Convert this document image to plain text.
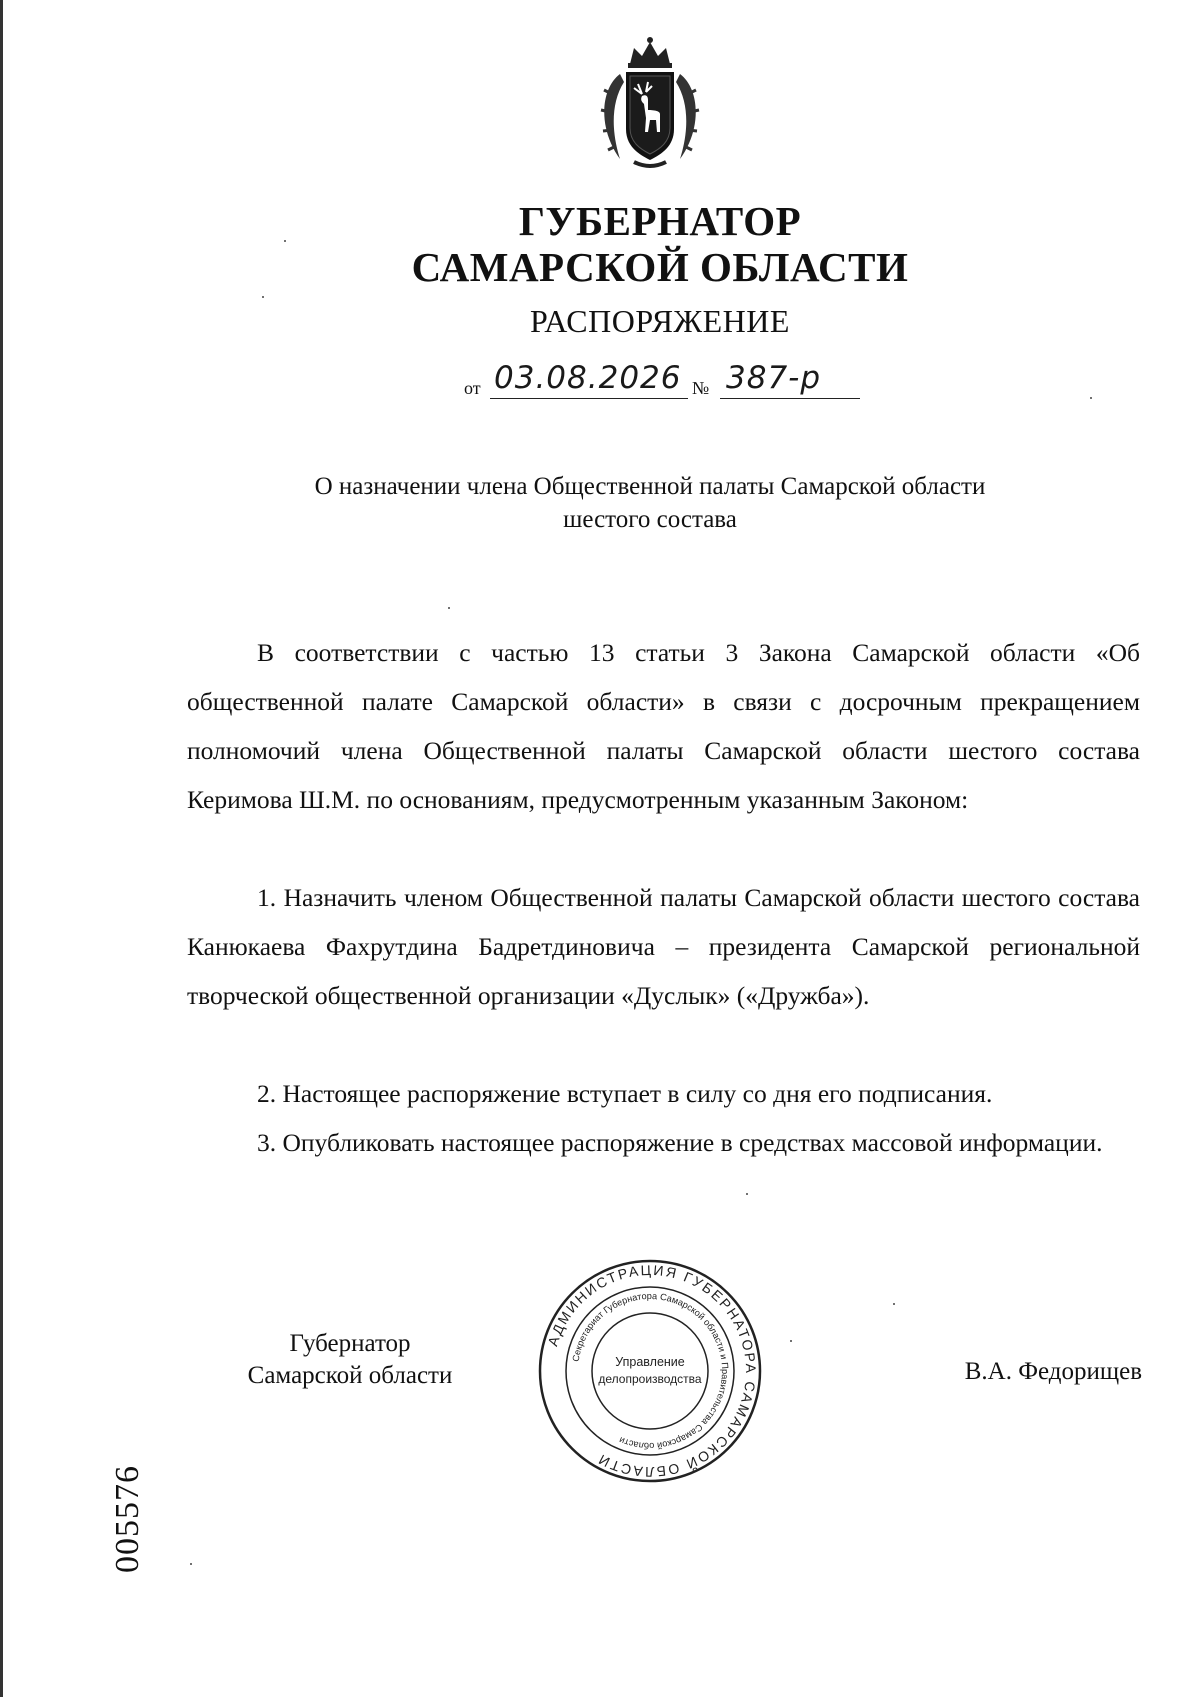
ГУБЕРНАТОР
САМАРСКОЙ ОБЛАСТИ
РАСПОРЯЖЕНИЕ
от 03.08.2026 № 387-р
О назначении члена Общественной палаты Самарской области
шестого состава
В соответствии с частью 13 статьи 3 Закона Самарской области «Об общественной палате Самарской области» в связи с досрочным прекращением полномочий члена Общественной палаты Самарской области шестого состава Керимова Ш.М. по основаниям, предусмотренным указанным Законом:
1. Назначить членом Общественной палаты Самарской области шестого состава Канюкаева Фахрутдина Бадретдиновича – президента Самарской региональной творческой общественной организации «Дуслык» («Дружба»).
2. Настоящее распоряжение вступает в силу со дня его подписания.
3. Опубликовать настоящее распоряжение в средствах массовой информации.
Губернатор
Самарской области
АДМИНИСТРАЦИЯ ГУБЕРНАТОРА САМАРСКОЙ ОБЛАСТИ
Секретариат Губернатора Самарской области и Правительства Самарской области
Управление
делопроизводства	В.А. Федорищев
005576
